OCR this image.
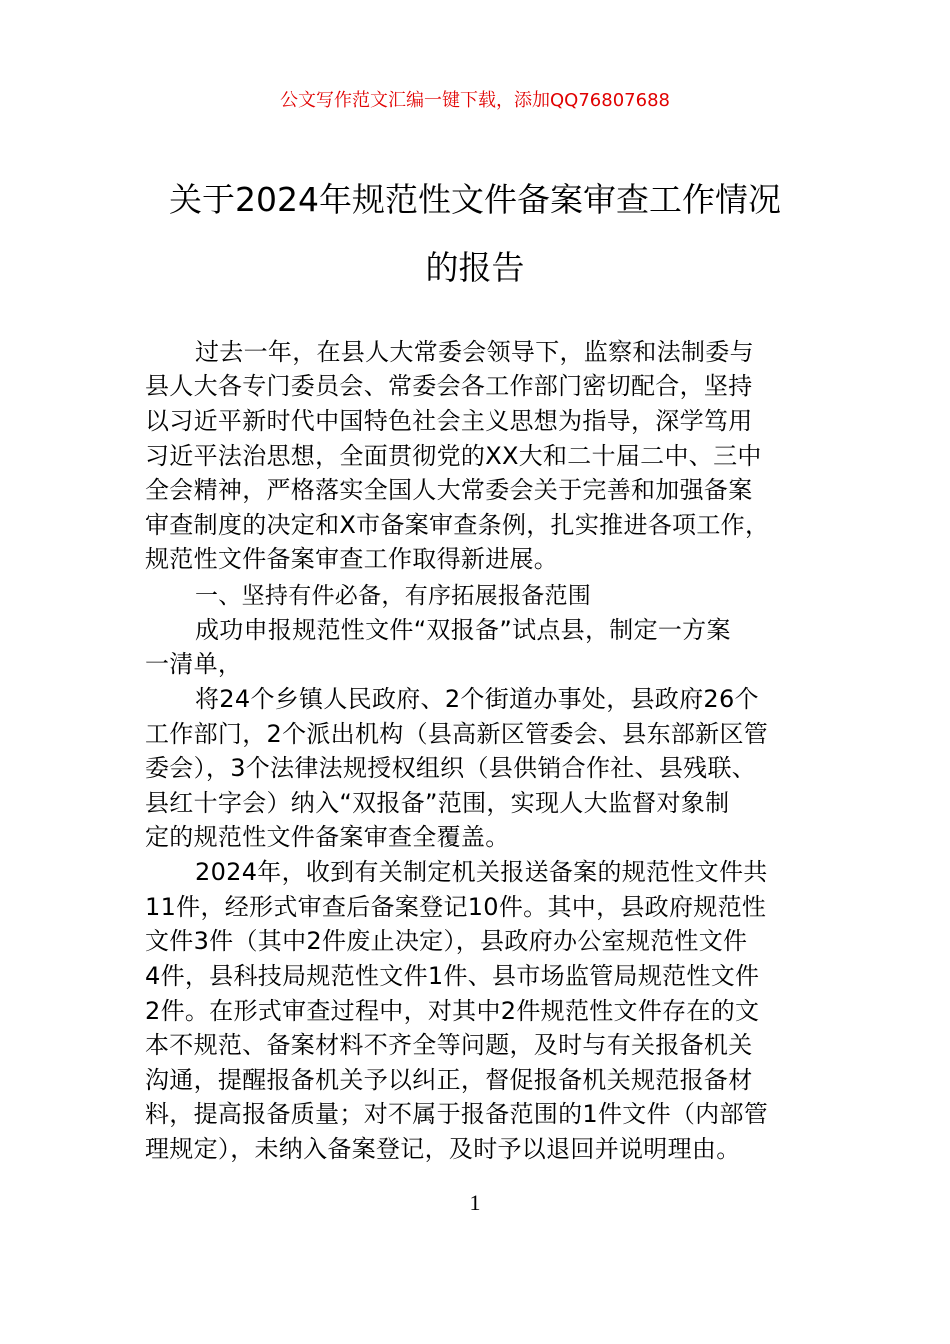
公文写作范文汇编一键下载，添加QQ76807688
关于2024年规范性文件备案审查工作情况
的报告
过去一年，在县人大常委会领导下，监察和法制委与
县人大各专门委员会、常委会各工作部门密切配合，坚持
以习近平新时代中国特色社会主义思想为指导，深学笃用
习近平法治思想，全面贯彻党的XX大和二十届二中、三中
全会精神，严格落实全国人大常委会关于完善和加强备案
审查制度的决定和X市备案审查条例，扎实推进各项工作，
规范性文件备案审查工作取得新进展。
一、坚持有件必备，有序拓展报备范围
成功申报规范性文件“双报备”试点县，制定一方案
一清单，
将24个乡镇人民政府、2个街道办事处，县政府26个
工作部门，2个派出机构（县高新区管委会、县东部新区管
委会），3个法律法规授权组织（县供销合作社、县残联、
县红十字会）纳入“双报备”范围，实现人大监督对象制
定的规范性文件备案审查全覆盖。
2024年，收到有关制定机关报送备案的规范性文件共
11件，经形式审查后备案登记10件。其中，县政府规范性
文件3件（其中2件废止决定），县政府办公室规范性文件
4件，县科技局规范性文件1件、县市场监管局规范性文件
2件。在形式审查过程中，对其中2件规范性文件存在的文
本不规范、备案材料不齐全等问题，及时与有关报备机关
沟通，提醒报备机关予以纠正，督促报备机关规范报备材
料，提高报备质量；对不属于报备范围的1件文件（内部管
理规定），未纳入备案登记，及时予以退回并说明理由。
1
